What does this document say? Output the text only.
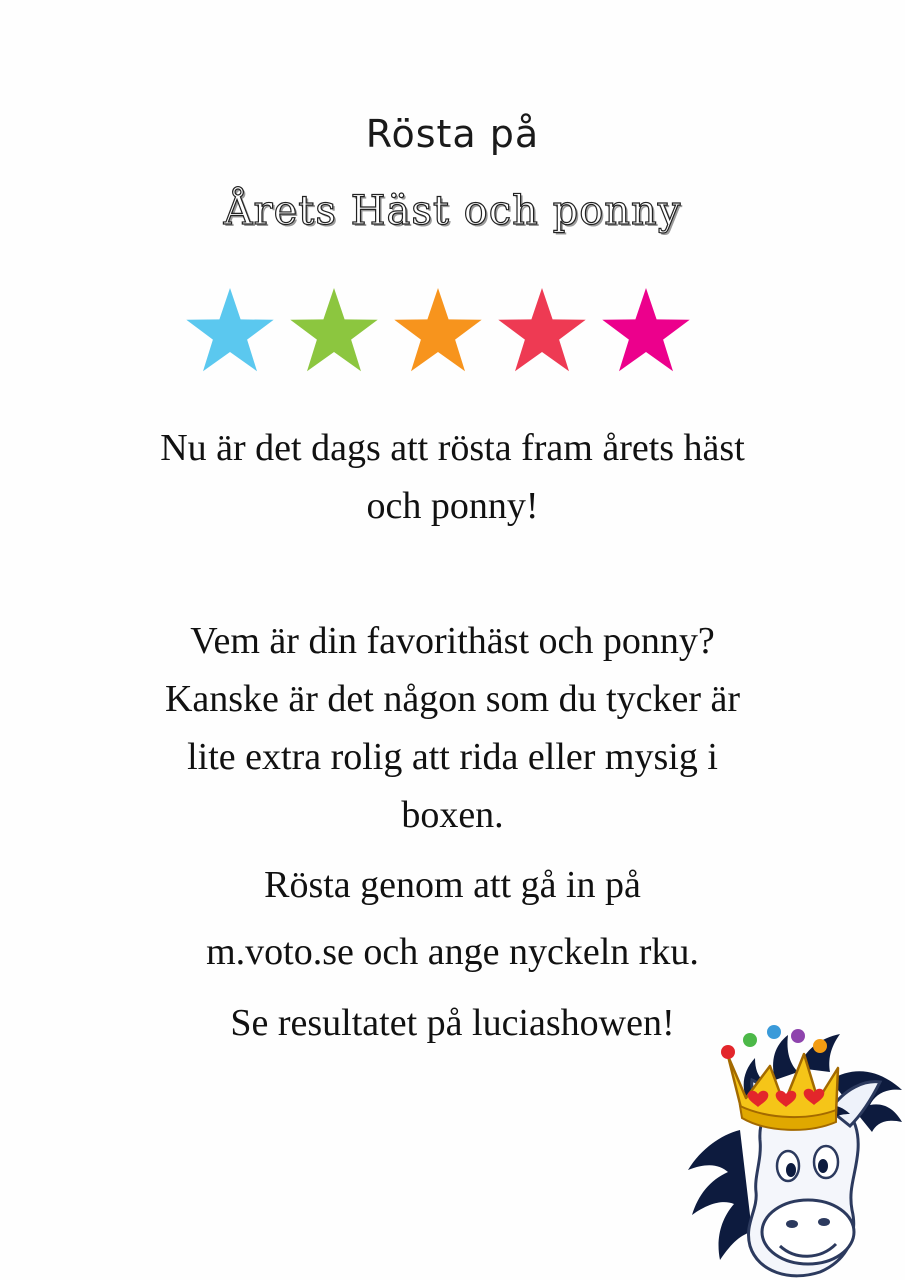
Rösta på
Årets Häst och ponny
Nu är det dags att rösta fram årets häst
och ponny!
Vem är din favorithäst och ponny?
Kanske är det någon som du tycker är
lite extra rolig att rida eller mysig i
boxen.
Rösta genom att gå in på
m.voto.se och ange nyckeln rku.
Se resultatet på luciashowen!
